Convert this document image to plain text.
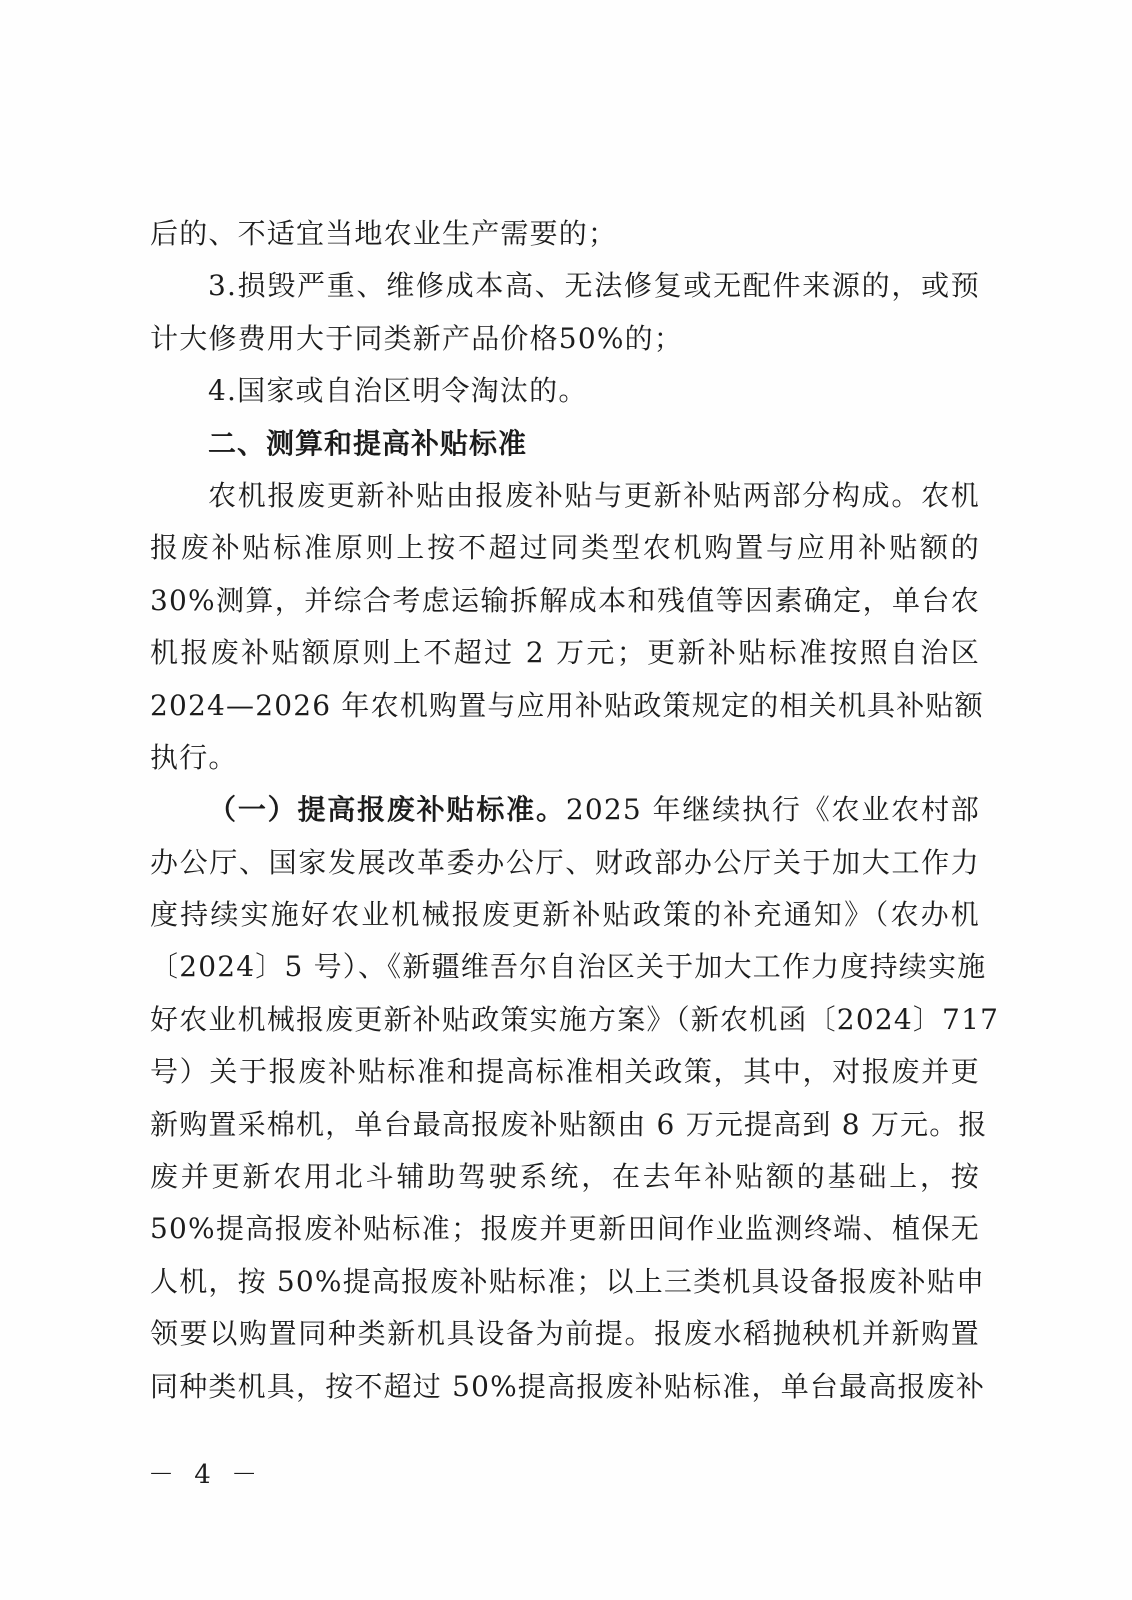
后的、不适宜当地农业生产需要的；
3.损毁严重、维修成本高、无法修复或无配件来源的，或预
计大修费用大于同类新产品价格50%的；
4.国家或自治区明令淘汰的。
二、测算和提高补贴标准
农机报废更新补贴由报废补贴与更新补贴两部分构成。农机
报废补贴标准原则上按不超过同类型农机购置与应用补贴额的
30%测算，并综合考虑运输拆解成本和残值等因素确定，单台农
机报废补贴额原则上不超过 2 万元；更新补贴标准按照自治区
2024—2026 年农机购置与应用补贴政策规定的相关机具补贴额
执行。
（一）提高报废补贴标准。2025 年继续执行《农业农村部
办公厅、国家发展改革委办公厅、财政部办公厅关于加大工作力
度持续实施好农业机械报废更新补贴政策的补充通知》（农办机
〔2024〕5 号）、《新疆维吾尔自治区关于加大工作力度持续实施
好农业机械报废更新补贴政策实施方案》（新农机函〔2024〕717
号）关于报废补贴标准和提高标准相关政策，其中，对报废并更
新购置采棉机，单台最高报废补贴额由 6 万元提高到 8 万元。报
废并更新农用北斗辅助驾驶系统，在去年补贴额的基础上，按
50%提高报废补贴标准；报废并更新田间作业监测终端、植保无
人机，按 50%提高报废补贴标准；以上三类机具设备报废补贴申
领要以购置同种类新机具设备为前提。报废水稻抛秧机并新购置
同种类机具，按不超过 50%提高报废补贴标准，单台最高报废补
－ 4 －
